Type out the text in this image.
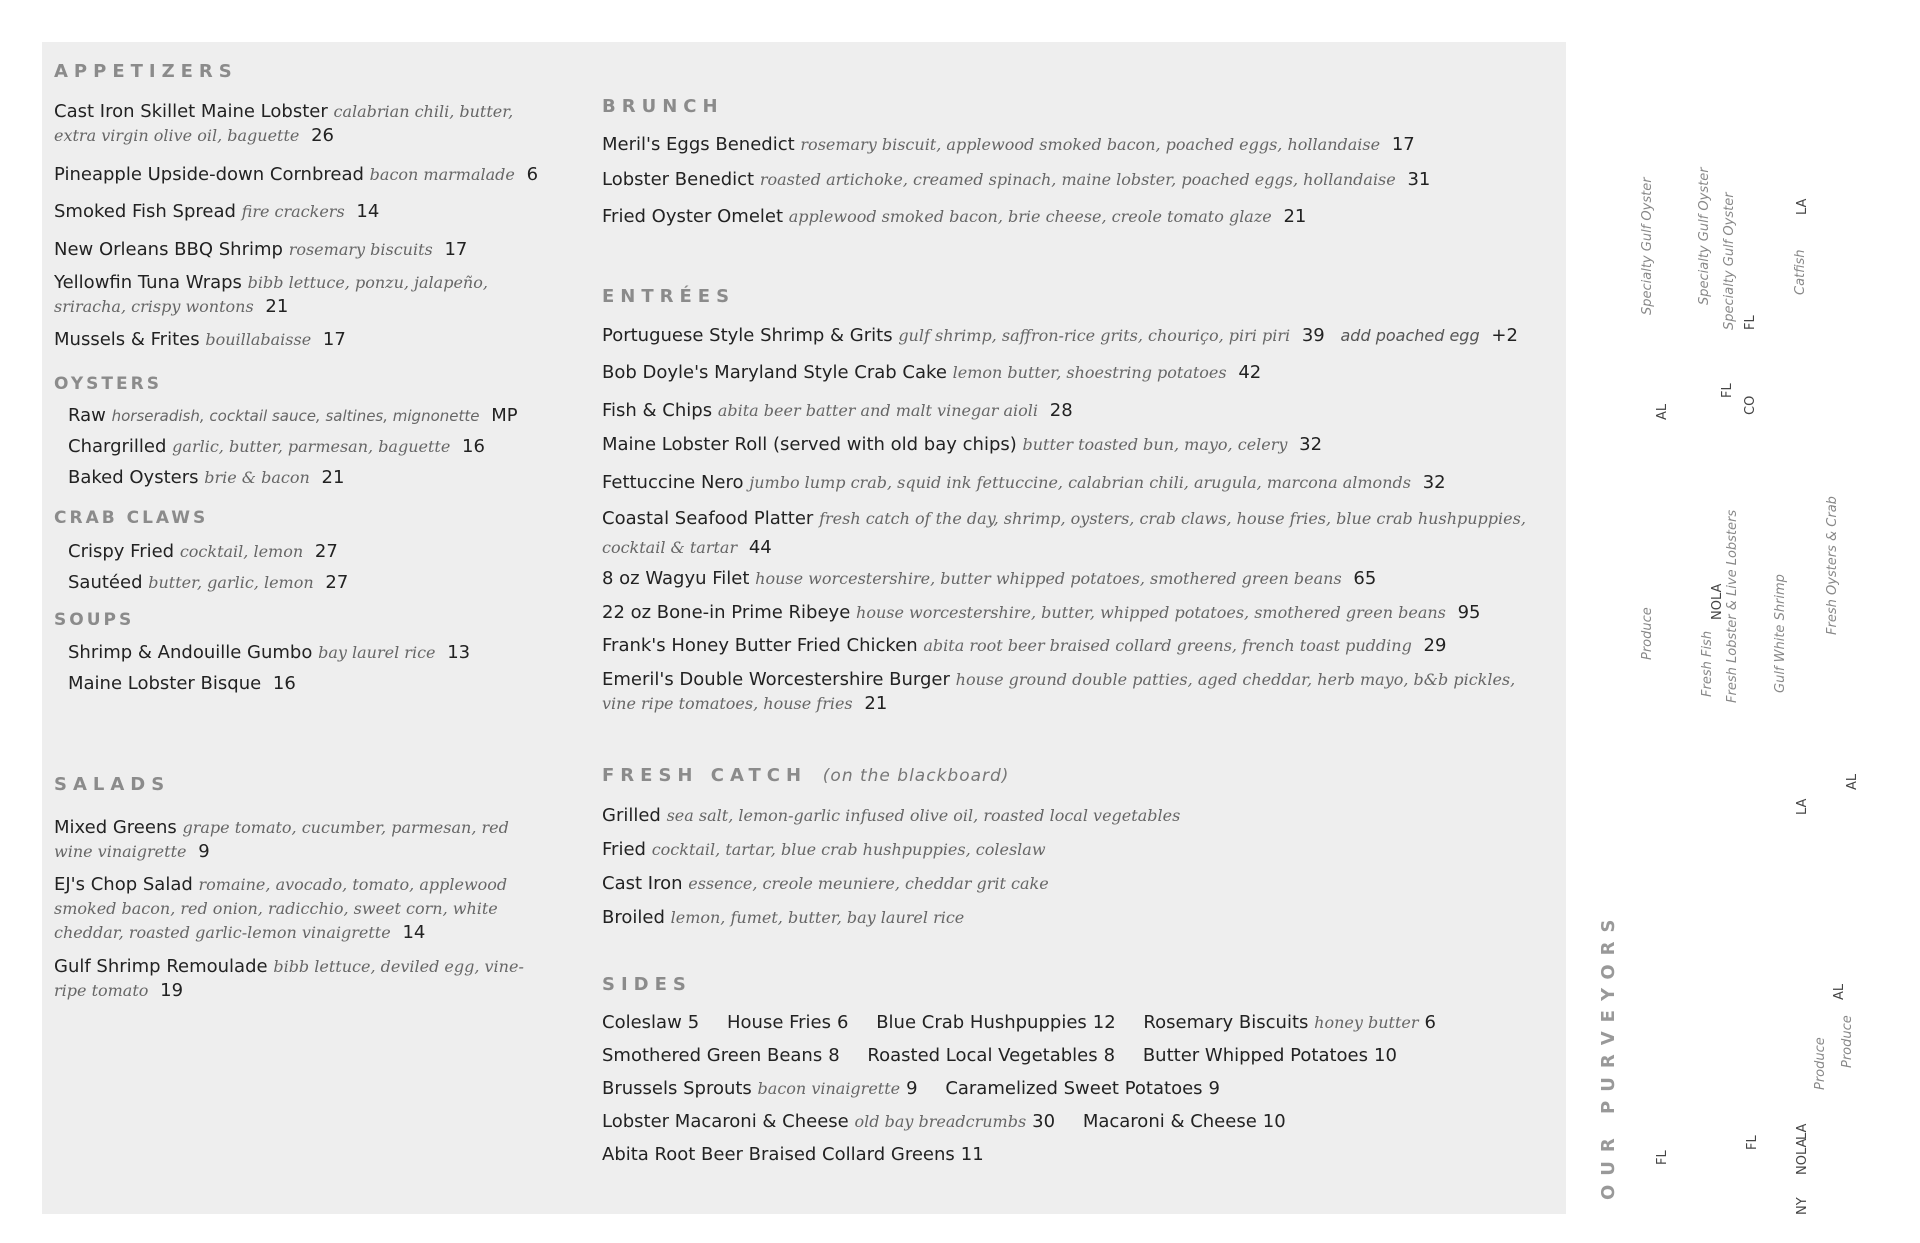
APPETIZERS
Cast Iron Skillet Maine Lobster calabrian chili, butter, extra virgin olive oil, baguette 26
Pineapple Upside-down Cornbread bacon marmalade 6
Smoked Fish Spread fire crackers 14
New Orleans BBQ Shrimp rosemary biscuits 17
Yellowfin Tuna Wraps bibb lettuce, ponzu, jalapeño, sriracha, crispy wontons 21
Mussels & Frites bouillabaisse 17
OYSTERS
Raw horseradish, cocktail sauce, saltines, mignonette MP
Chargrilled garlic, butter, parmesan, baguette 16
Baked Oysters brie & bacon 21
CRAB CLAWS
Crispy Fried cocktail, lemon 27
Sautéed butter, garlic, lemon 27
SOUPS
Shrimp & Andouille Gumbo bay laurel rice 13
Maine Lobster Bisque 16
SALADS
Mixed Greens grape tomato, cucumber, parmesan, red wine vinaigrette 9
EJ's Chop Salad romaine, avocado, tomato, applewood smoked bacon, red onion, radicchio, sweet corn, white cheddar, roasted garlic-lemon vinaigrette 14
Gulf Shrimp Remoulade bibb lettuce, deviled egg, vine-ripe tomato 19
BRUNCH
Meril's Eggs Benedict rosemary biscuit, applewood smoked bacon, poached eggs, hollandaise 17
Lobster Benedict roasted artichoke, creamed spinach, maine lobster, poached eggs, hollandaise 31
Fried Oyster Omelet applewood smoked bacon, brie cheese, creole tomato glaze 21
ENTRÉES
Portuguese Style Shrimp & Grits gulf shrimp, saffron-rice grits, chouriço, piri piri 39 add poached egg +2
Bob Doyle's Maryland Style Crab Cake lemon butter, shoestring potatoes 42
Fish & Chips abita beer batter and malt vinegar aioli 28
Maine Lobster Roll (served with old bay chips) butter toasted bun, mayo, celery 32
Fettuccine Nero jumbo lump crab, squid ink fettuccine, calabrian chili, arugula, marcona almonds 32
Coastal Seafood Platter fresh catch of the day, shrimp, oysters, crab claws, house fries, blue crab hushpuppies, cocktail & tartar 44
8 oz Wagyu Filet house worcestershire, butter whipped potatoes, smothered green beans 65
22 oz Bone-in Prime Ribeye house worcestershire, butter, whipped potatoes, smothered green beans 95
Frank's Honey Butter Fried Chicken abita root beer braised collard greens, french toast pudding 29
Emeril's Double Worcestershire Burger house ground double patties, aged cheddar, herb mayo, b&b pickles, vine ripe tomatoes, house fries 21
FRESH CATCH (on the blackboard)
Grilled sea salt, lemon-garlic infused olive oil, roasted local vegetables
Fried cocktail, tartar, blue crab hushpuppies, coleslaw
Cast Iron essence, creole meuniere, cheddar grit cake
Broiled lemon, fumet, butter, bay laurel rice
SIDES
Coleslaw 5 House Fries 6 Blue Crab Hushpuppies 12 Rosemary Biscuits honey butter 6
Smothered Green Beans 8 Roasted Local Vegetables 8 Butter Whipped Potatoes 10
Brussels Sprouts bacon vinaigrette 9 Caramelized Sweet Potatoes 9
Lobster Macaroni & Cheese old bay breadcrumbs 30 Macaroni & Cheese 10
Abita Root Beer Braised Collard Greens 11	OUR PURVEYORS
Specialty Gulf Oyster	Specialty Gulf Oyster Specialty Gulf Oyster	Catfish
Produce	Fresh Fish Fresh Lobster & Live Lobsters	Gulf White Shrimp	Fresh Oysters & Crab
Produce Produce
AL
FL
CO
LA
NOLA
LA
FL
AL
FL	NOLA
NY
FL
LA
AL
